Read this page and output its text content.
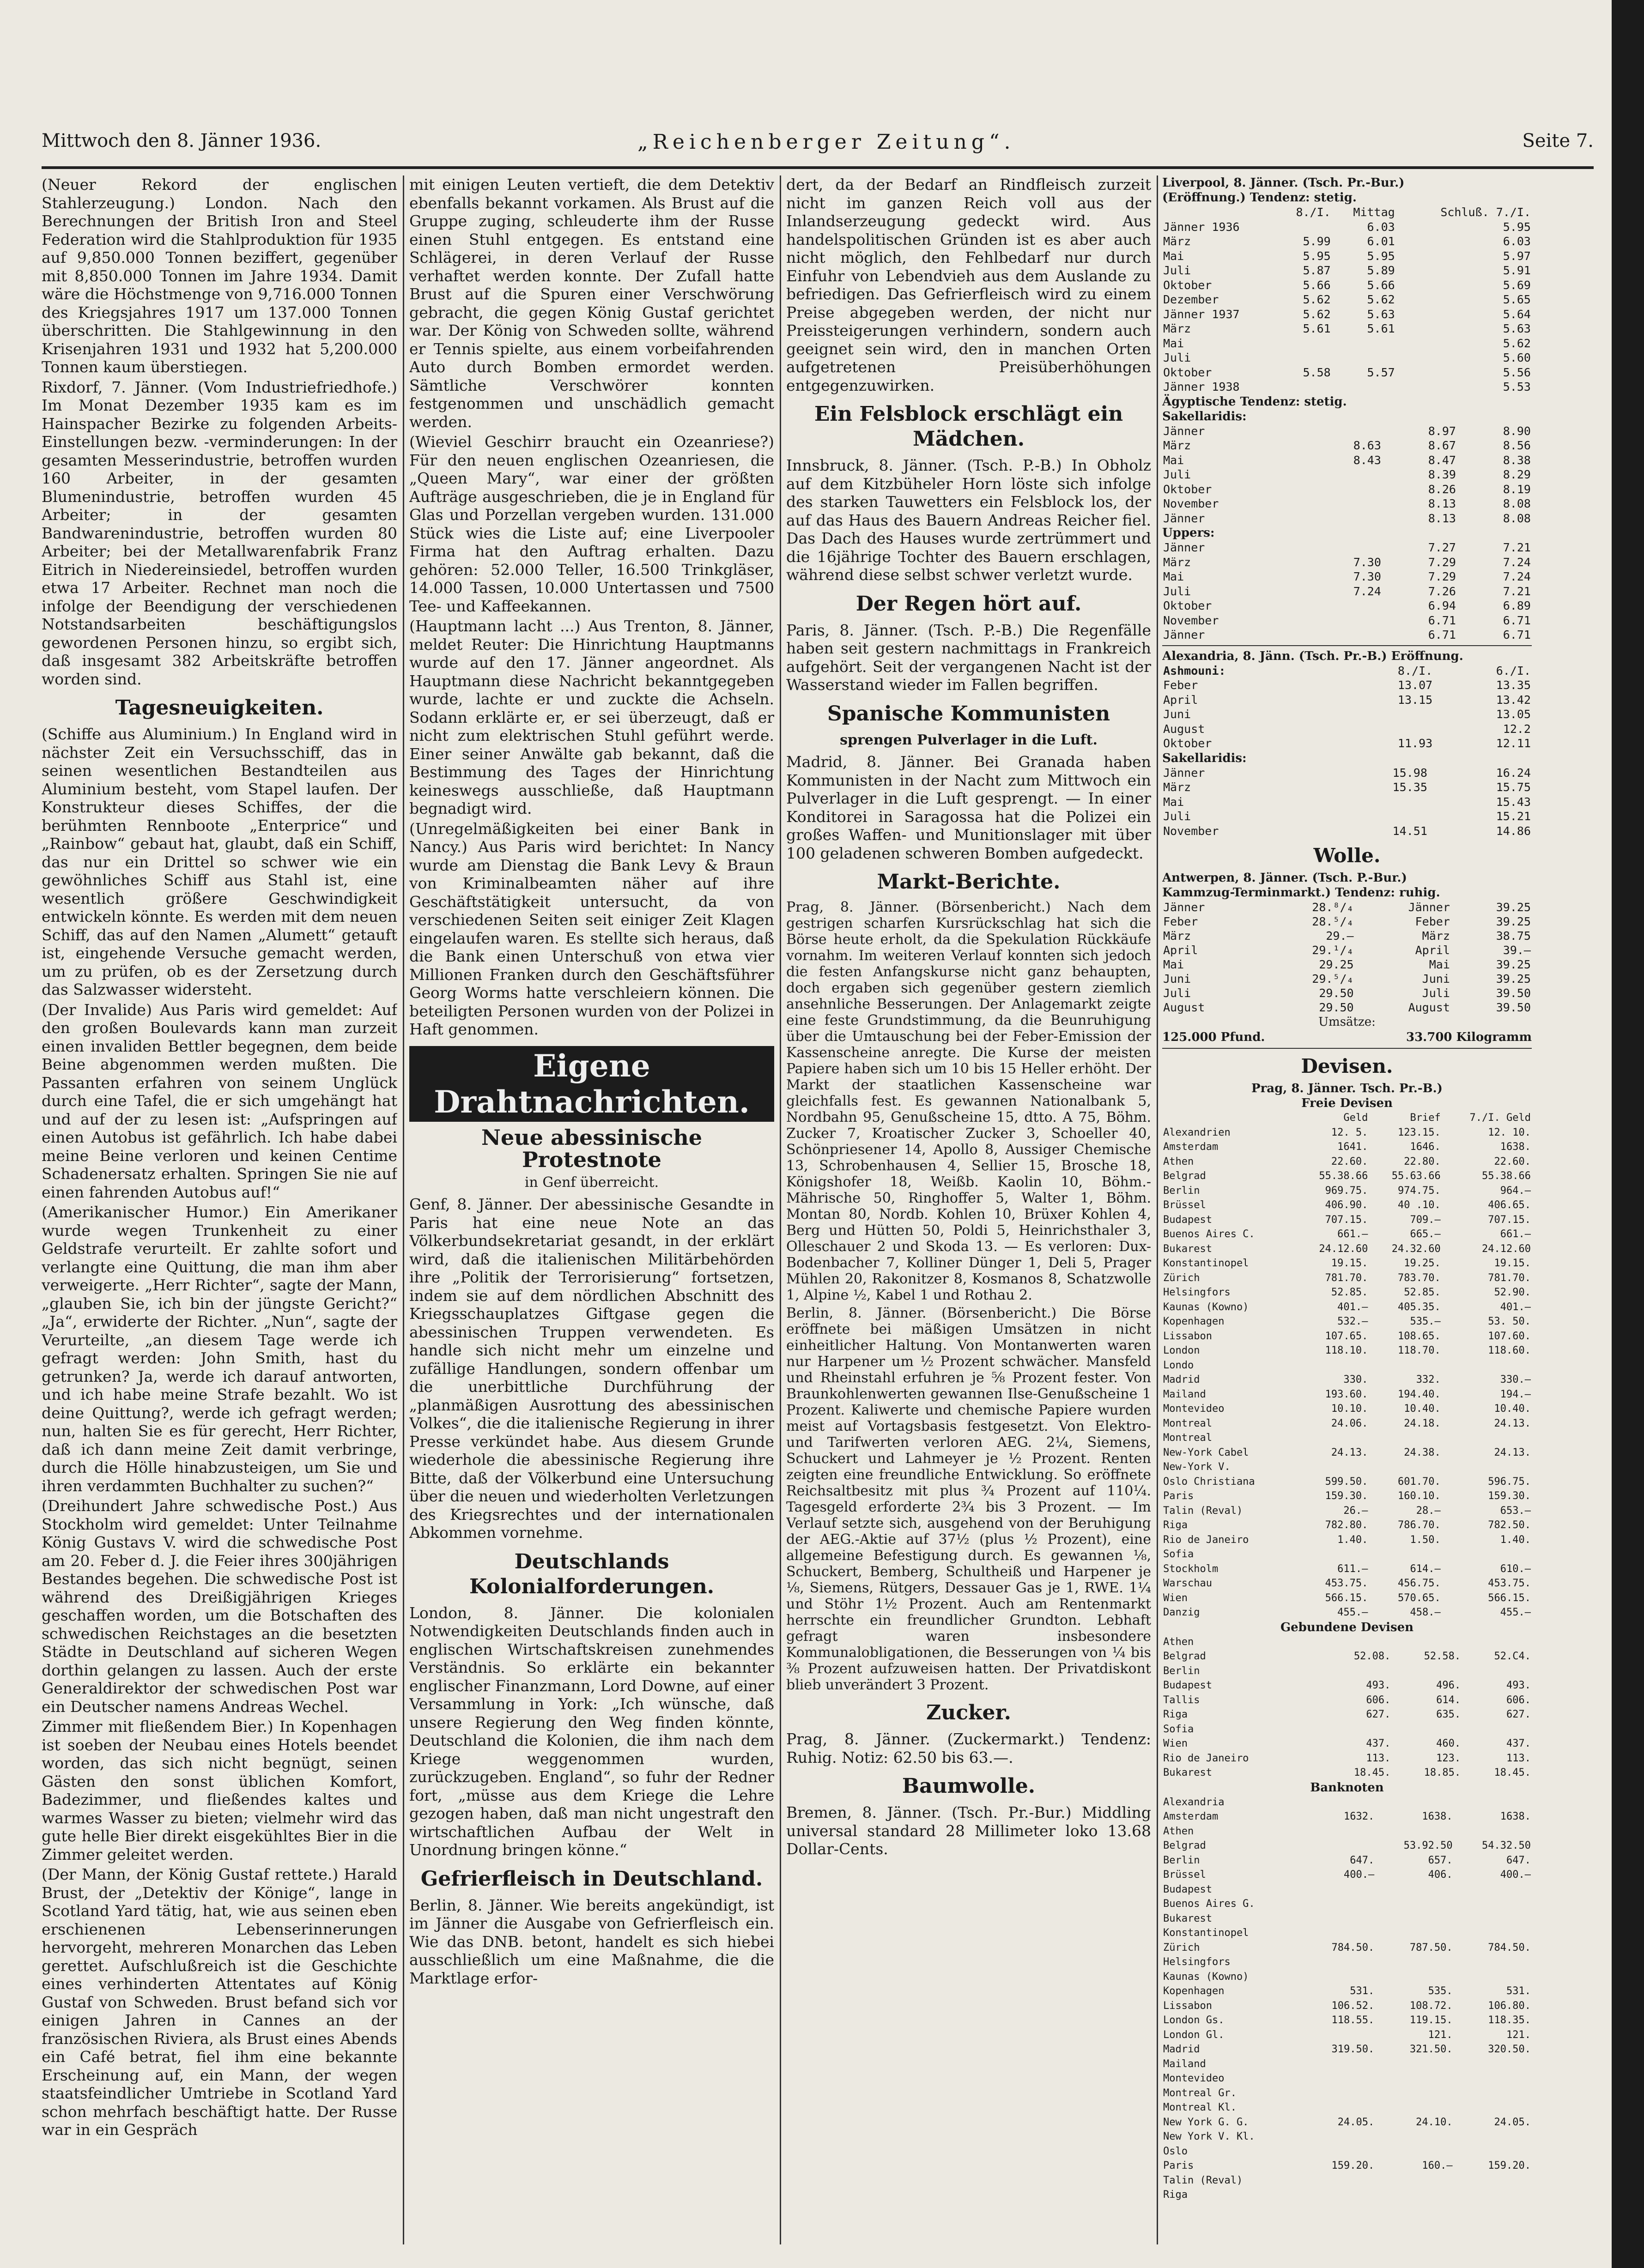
Mittwoch den 8. Jänner 1936.	„Reichenberger Zeitung“.	Seite 7.

(Neuer Rekord der englischen Stahlerzeugung.) London. Nach den Berechnungen der British Iron and Steel Federation wird die Stahlproduktion für 1935 auf 9,850.000 Tonnen beziffert, gegenüber mit 8,850.000 Tonnen im Jahre 1934. Damit wäre die Höchstmenge von 9,716.000 Tonnen des Kriegsjahres 1917 um 137.000 Tonnen überschritten. Die Stahlgewinnung in den Krisenjahren 1931 und 1932 hat 5,200.000 Tonnen kaum überstiegen.

Rixdorf, 7. Jänner. (Vom Industriefriedhofe.) Im Monat Dezember 1935 kam es im Hainspacher Bezirke zu folgenden Arbeits-Einstellungen bezw. -verminderungen: In der gesamten Messerindustrie, betroffen wurden 160 Arbeiter, in der gesamten Blumenindustrie, betroffen wurden 45 Arbeiter; in der gesamten Bandwarenindustrie, betroffen wurden 80 Arbeiter; bei der Metallwarenfabrik Franz Eitrich in Niedereinsiedel, betroffen wurden etwa 17 Arbeiter. Rechnet man noch die infolge der Beendigung der verschiedenen Notstandsarbeiten beschäftigungslos gewordenen Personen hinzu, so ergibt sich, daß insgesamt 382 Arbeitskräfte betroffen worden sind.

Tagesneuigkeiten.

(Schiffe aus Aluminium.) In England wird in nächster Zeit ein Versuchsschiff, das in seinen wesentlichen Bestandteilen aus Aluminium besteht, vom Stapel laufen. Der Konstrukteur dieses Schiffes, der die berühmten Rennboote „Enterprice“ und „Rainbow“ gebaut hat, glaubt, daß ein Schiff, das nur ein Drittel so schwer wie ein gewöhnliches Schiff aus Stahl ist, eine wesentlich größere Geschwindigkeit entwickeln könnte. Es werden mit dem neuen Schiff, das auf den Namen „Alumett“ getauft ist, eingehende Versuche gemacht werden, um zu prüfen, ob es der Zersetzung durch das Salzwasser widersteht.

(Der Invalide) Aus Paris wird gemeldet: Auf den großen Boulevards kann man zurzeit einen invaliden Bettler begegnen, dem beide Beine abgenommen werden mußten. Die Passanten erfahren von seinem Unglück durch eine Tafel, die er sich umgehängt hat und auf der zu lesen ist: „Aufspringen auf einen Autobus ist gefährlich. Ich habe dabei meine Beine verloren und keinen Centime Schadenersatz erhalten. Springen Sie nie auf einen fahrenden Autobus auf!“

(Amerikanischer Humor.) Ein Amerikaner wurde wegen Trunkenheit zu einer Geldstrafe verurteilt. Er zahlte sofort und verlangte eine Quittung, die man ihm aber verweigerte. „Herr Richter“, sagte der Mann, „glauben Sie, ich bin der jüngste Gericht?“ „Ja“, erwiderte der Richter. „Nun“, sagte der Verurteilte, „an diesem Tage werde ich gefragt werden: John Smith, hast du getrunken? Ja, werde ich darauf antworten, und ich habe meine Strafe bezahlt. Wo ist deine Quittung?, werde ich gefragt werden; nun, halten Sie es für gerecht, Herr Richter, daß ich dann meine Zeit damit verbringe, durch die Hölle hinabzusteigen, um Sie und ihren verdammten Buchhalter zu suchen?“

(Dreihundert Jahre schwedische Post.) Aus Stockholm wird gemeldet: Unter Teilnahme König Gustavs V. wird die schwedische Post am 20. Feber d. J. die Feier ihres 300jährigen Bestandes begehen. Die schwedische Post ist während des Dreißigjährigen Krieges geschaffen worden, um die Botschaften des schwedischen Reichstages an die besetzten Städte in Deutschland auf sicheren Wegen dorthin gelangen zu lassen. Auch der erste Generaldirektor der schwedischen Post war ein Deutscher namens Andreas Wechel.

Zimmer mit fließendem Bier.) In Kopenhagen ist soeben der Neubau eines Hotels beendet worden, das sich nicht begnügt, seinen Gästen den sonst üblichen Komfort, Badezimmer, und fließendes kaltes und warmes Wasser zu bieten; vielmehr wird das gute helle Bier direkt eisgekühltes Bier in die Zimmer geleitet werden.

(Der Mann, der König Gustaf rettete.) Harald Brust, der „Detektiv der Könige“, lange in Scotland Yard tätig, hat, wie aus seinen eben erschienenen Lebenserinnerungen hervorgeht, mehreren Monarchen das Leben gerettet. Aufschlußreich ist die Geschichte eines verhinderten Attentates auf König Gustaf von Schweden. Brust befand sich vor einigen Jahren in Cannes an der französischen Riviera, als Brust eines Abends ein Café betrat, fiel ihm eine bekannte Erscheinung auf, ein Mann, der wegen staatsfeindlicher Umtriebe in Scotland Yard schon mehrfach beschäftigt hatte. Der Russe war in ein Gespräch

mit einigen Leuten vertieft, die dem Detektiv ebenfalls bekannt vorkamen. Als Brust auf die Gruppe zuging, schleuderte ihm der Russe einen Stuhl entgegen. Es entstand eine Schlägerei, in deren Verlauf der Russe verhaftet werden konnte. Der Zufall hatte Brust auf die Spuren einer Verschwörung gebracht, die gegen König Gustaf gerichtet war. Der König von Schweden sollte, während er Tennis spielte, aus einem vorbeifahrenden Auto durch Bomben ermordet werden. Sämtliche Verschwörer konnten festgenommen und unschädlich gemacht werden.

(Wieviel Geschirr braucht ein Ozeanriese?) Für den neuen englischen Ozeanriesen, die „Queen Mary“, war einer der größten Aufträge ausgeschrieben, die je in England für Glas und Porzellan vergeben wurden. 131.000 Stück wies die Liste auf; eine Liverpooler Firma hat den Auftrag erhalten. Dazu gehören: 52.000 Teller, 16.500 Trinkgläser, 14.000 Tassen, 10.000 Untertassen und 7500 Tee- und Kaffeekannen.

(Hauptmann lacht ...) Aus Trenton, 8. Jänner, meldet Reuter: Die Hinrichtung Hauptmanns wurde auf den 17. Jänner angeordnet. Als Hauptmann diese Nachricht bekanntgegeben wurde, lachte er und zuckte die Achseln. Sodann erklärte er, er sei überzeugt, daß er nicht zum elektrischen Stuhl geführt werde. Einer seiner Anwälte gab bekannt, daß die Bestimmung des Tages der Hinrichtung keineswegs ausschließe, daß Hauptmann begnadigt wird.

(Unregelmäßigkeiten bei einer Bank in Nancy.) Aus Paris wird berichtet: In Nancy wurde am Dienstag die Bank Levy & Braun von Kriminalbeamten näher auf ihre Geschäftstätigkeit untersucht, da von verschiedenen Seiten seit einiger Zeit Klagen eingelaufen waren. Es stellte sich heraus, daß die Bank einen Unterschuß von etwa vier Millionen Franken durch den Geschäftsführer Georg Worms hatte verschleiern können. Die beteiligten Personen wurden von der Polizei in Haft genommen.

Eigene Drahtnachrichten.
Neue abessinische Protestnote
in Genf überreicht.

Genf, 8. Jänner. Der abessinische Gesandte in Paris hat eine neue Note an das Völkerbundsekretariat gesandt, in der erklärt wird, daß die italienischen Militärbehörden ihre „Politik der Terrorisierung“ fortsetzen, indem sie auf dem nördlichen Abschnitt des Kriegsschauplatzes Giftgase gegen die abessinischen Truppen verwendeten. Es handle sich nicht mehr um einzelne und zufällige Handlungen, sondern offenbar um die unerbittliche Durchführung der „planmäßigen Ausrottung des abessinischen Volkes“, die die italienische Regierung in ihrer Presse verkündet habe. Aus diesem Grunde wiederhole die abessinische Regierung ihre Bitte, daß der Völkerbund eine Untersuchung über die neuen und wiederholten Verletzungen des Kriegsrechtes und der internationalen Abkommen vornehme.

Deutschlands Kolonialforderungen.

London, 8. Jänner. Die kolonialen Notwendigkeiten Deutschlands finden auch in englischen Wirtschaftskreisen zunehmendes Verständnis. So erklärte ein bekannter englischer Finanzmann, Lord Downe, auf einer Versammlung in York: „Ich wünsche, daß unsere Regierung den Weg finden könnte, Deutschland die Kolonien, die ihm nach dem Kriege weggenommen wurden, zurückzugeben. England“, so fuhr der Redner fort, „müsse aus dem Kriege die Lehre gezogen haben, daß man nicht ungestraft den wirtschaftlichen Aufbau der Welt in Unordnung bringen könne.“

Gefrierfleisch in Deutschland.

Berlin, 8. Jänner. Wie bereits angekündigt, ist im Jänner die Ausgabe von Gefrierfleisch ein. Wie das DNB. betont, handelt es sich hiebei ausschließlich um eine Maßnahme, die die Marktlage erfor-

dert, da der Bedarf an Rindfleisch zurzeit nicht im ganzen Reich voll aus der Inlandserzeugung gedeckt wird. Aus handelspolitischen Gründen ist es aber auch nicht möglich, den Fehlbedarf nur durch Einfuhr von Lebendvieh aus dem Auslande zu befriedigen. Das Gefrierfleisch wird zu einem Preise abgegeben werden, der nicht nur Preissteigerungen verhindern, sondern auch geeignet sein wird, den in manchen Orten aufgetretenen Preisüberhöhungen entgegenzuwirken.

Ein Felsblock erschlägt ein Mädchen.

Innsbruck, 8. Jänner. (Tsch. P.-B.) In Obholz auf dem Kitzbüheler Horn löste sich infolge des starken Tauwetters ein Felsblock los, der auf das Haus des Bauern Andreas Reicher fiel. Das Dach des Hauses wurde zertrümmert und die 16jährige Tochter des Bauern erschlagen, während diese selbst schwer verletzt wurde.

Der Regen hört auf.

Paris, 8. Jänner. (Tsch. P.-B.) Die Regenfälle haben seit gestern nachmittags in Frankreich aufgehört. Seit der vergangenen Nacht ist der Wasserstand wieder im Fallen begriffen.

Spanische Kommunisten
sprengen Pulverlager in die Luft.

Madrid, 8. Jänner. Bei Granada haben Kommunisten in der Nacht zum Mittwoch ein Pulverlager in die Luft gesprengt. — In einer Konditorei in Saragossa hat die Polizei ein großes Waffen- und Munitionslager mit über 100 geladenen schweren Bomben aufgedeckt.

Markt-Berichte.

Prag, 8. Jänner. (Börsenbericht.) Nach dem gestrigen scharfen Kursrückschlag hat sich die Börse heute erholt, da die Spekulation Rückkäufe vornahm. Im weiteren Verlauf konnten sich jedoch die festen Anfangskurse nicht ganz behaupten, doch ergaben sich gegenüber gestern ziemlich ansehnliche Besserungen. Der Anlagemarkt zeigte eine feste Grundstimmung, da die Beunruhigung über die Umtauschung bei der Feber-Emission der Kassenscheine anregte. Die Kurse der meisten Papiere haben sich um 10 bis 15 Heller erhöht. Der Markt der staatlichen Kassenscheine war gleichfalls fest. Es gewannen Nationalbank 5, Nordbahn 95, Genußscheine 15, dtto. A 75, Böhm. Zucker 7, Kroatischer Zucker 3, Schoeller 40, Schönpriesener 14, Apollo 8, Aussiger Chemische 13, Schrobenhausen 4, Sellier 15, Brosche 18, Königshofer 18, Weißb. Kaolin 10, Böhm.-Mährische 50, Ringhoffer 5, Walter 1, Böhm. Montan 80, Nordb. Kohlen 10, Brüxer Kohlen 4, Berg und Hütten 50, Poldi 5, Heinrichsthaler 3, Olleschauer 2 und Skoda 13. — Es verloren: Dux-Bodenbacher 7, Kolliner Dünger 1, Deli 5, Prager Mühlen 20, Rakonitzer 8, Kosmanos 8, Schatzwolle 1, Alpine ½, Kabel 1 und Rothau 2.

Berlin, 8. Jänner. (Börsenbericht.) Die Börse eröffnete bei mäßigen Umsätzen in nicht einheitlicher Haltung. Von Montanwerten waren nur Harpener um ½ Prozent schwächer. Mansfeld und Rheinstahl erfuhren je ⅝ Prozent fester. Von Braunkohlenwerten gewannen Ilse-Genußscheine 1 Prozent. Kaliwerte und chemische Papiere wurden meist auf Vortagsbasis festgesetzt. Von Elektro- und Tarifwerten verloren AEG. 2¼, Siemens, Schuckert und Lahmeyer je ½ Prozent. Renten zeigten eine freundliche Entwicklung. So eröffnete Reichsaltbesitz mit plus ¾ Prozent auf 110¼. Tagesgeld erforderte 2¾ bis 3 Prozent. — Im Verlauf setzte sich, ausgehend von der Beruhigung der AEG.-Aktie auf 37½ (plus ½ Prozent), eine allgemeine Befestigung durch. Es gewannen ⅛, Schuckert, Bemberg, Schultheiß und Harpener je ⅛, Siemens, Rütgers, Dessauer Gas je 1, RWE. 1¼ und Stöhr 1½ Prozent. Auch am Rentenmarkt herrschte ein freundlicher Grundton. Lebhaft gefragt waren insbesondere Kommunalobligationen, die Besserungen von ¼ bis ⅜ Prozent aufzuweisen hatten. Der Privatdiskont blieb unverändert 3 Prozent.

Zucker.

Prag, 8. Jänner. (Zuckermarkt.) Tendenz: Ruhig. Notiz: 62.50 bis 63.—.

Baumwolle.

Bremen, 8. Jänner. (Tsch. Pr.-Bur.) Middling universal standard 28 Millimeter loko 13.68 Dollar-Cents.

Liverpool, 8. Jänner. (Tsch. Pr.-Bur.)
(Eröffnung.) Tendenz: stetig.
	8./I.	Mittag	Schluß. 7./I.
Jänner 1936		6.03	5.95
März	5.99	6.01	6.03
Mai	5.95	5.95	5.97
Juli	5.87	5.89	5.91
Oktober	5.66	5.66	5.69
Dezember	5.62	5.62	5.65
Jänner 1937	5.62	5.63	5.64
März	5.61	5.61	5.63
Mai			5.62
Juli			5.60
Oktober	5.58	5.57	5.56
Jänner 1938			5.53
Ägyptische Tendenz: stetig.
Sakellaridis:
Jänner		8.97	8.90
März	8.63	8.67	8.56
Mai	8.43	8.47	8.38
Juli		8.39	8.29
Oktober		8.26	8.19
November		8.13	8.08
Jänner		8.13	8.08
Uppers:
Jänner		7.27	7.21
März	7.30	7.29	7.24
Mai	7.30	7.29	7.24
Juli	7.24	7.26	7.21
Oktober		6.94	6.89
November		6.71	6.71
Jänner		6.71	6.71
Alexandria, 8. Jänn. (Tsch. Pr.-B.) Eröffnung.
Ashmouni:	8./I.	6./I.
Feber	13.07	13.35
April	13.15	13.42
Juni		13.05
August		12.2
Oktober	11.93	12.11
Sakellaridis:
Jänner	15.98	16.24
März	15.35	15.75
Mai		15.43
Juli		15.21
November	14.51	14.86
Wolle.
Antwerpen, 8. Jänner. (Tsch. P.-Bur.)
Kammzug-Terminmarkt.) Tendenz: ruhig.
Jänner	28.⁸/₄	Jänner	39.25
Feber	28.⁵/₄	Feber	39.25
März	29.—	März	38.75
April	29.¹/₄	April	39.—
Mai	29.25	Mai	39.25
Juni	29.⁵/₄	Juni	39.25
Juli	29.50	Juli	39.50
August	29.50	August	39.50
Umsätze:
125.000 Pfund.	33.700 Kilogramm
Devisen.
Prag, 8. Jänner. Tsch. Pr.-B.)
Freie Devisen
	Geld	Brief	7./I. Geld
Alexandrien	12. 5.	123.15.	12. 10.
Amsterdam	1641.	1646.	1638.
Athen	22.60.	22.80.	22.60.
Belgrad	55.38.66	55.63.66	55.38.66
Berlin	969.75.	974.75.	964.—
Brüssel	406.90.	40 .10.	406.65.
Budapest	707.15.	709.—	707.15.
Buenos Aires C.	661.—	665.—	661.—
Bukarest	24.12.60	24.32.60	24.12.60
Konstantinopel	19.15.	19.25.	19.15.
Zürich	781.70.	783.70.	781.70.
Helsingfors	52.85.	52.85.	52.90.
Kaunas (Kowno)	401.—	405.35.	401.—
Kopenhagen	532.—	535.—	53. 50.
Lissabon	107.65.	108.65.	107.60.
London	118.10.	118.70.	118.60.
Londo			
Madrid	330.	332.	330.—
Mailand	193.60.	194.40.	194.—
Montevideo	10.10.	10.40.	10.40.
Montreal	24.06.	24.18.	24.13.
Montreal			
New-York Cabel	24.13.	24.38.	24.13.
New-York V.			
Oslo Christiana	599.50.	601.70.	596.75.
Paris	159.30.	160.10.	159.30.
Talin (Reval)	26.—	28.—	653.—
Riga	782.80.	786.70.	782.50.
Rio de Janeiro	1.40.	1.50.	1.40.
Sofia			
Stockholm	611.—	614.—	610.—
Warschau	453.75.	456.75.	453.75.
Wien	566.15.	570.65.	566.15.
Danzig	455.—	458.—	455.—
Gebundene Devisen
Athen			
Belgrad	52.08.	52.58.	52.C4.
Berlin			
Budapest	493.	496.	493.
Tallis	606.	614.	606.
Riga	627.	635.	627.
Sofia			
Wien	437.	460.	437.
Rio de Janeiro	113.	123.	113.
Bukarest	18.45.	18.85.	18.45.
Banknoten
Alexandria			
Amsterdam	1632.	1638.	1638.
Athen			
Belgrad		53.92.50	54.32.50
Berlin	647.	657.	647.
Brüssel	400.—	406.	400.—
Budapest			
Buenos Aires G.			
Bukarest			
Konstantinopel			
Zürich	784.50.	787.50.	784.50.
Helsingfors			
Kaunas (Kowno)			
Kopenhagen	531.	535.	531.
Lissabon	106.52.	108.72.	106.80.
London Gs.	118.55.	119.15.	118.35.
London Gl.		121.	121.
Madrid	319.50.	321.50.	320.50.
Mailand			
Montevideo			
Montreal Gr.			
Montreal Kl.			
New York G. G.	24.05.	24.10.	24.05.
New York V. Kl.			
Oslo			
Paris	159.20.	160.—	159.20.
Talin (Reval)			
Riga			
